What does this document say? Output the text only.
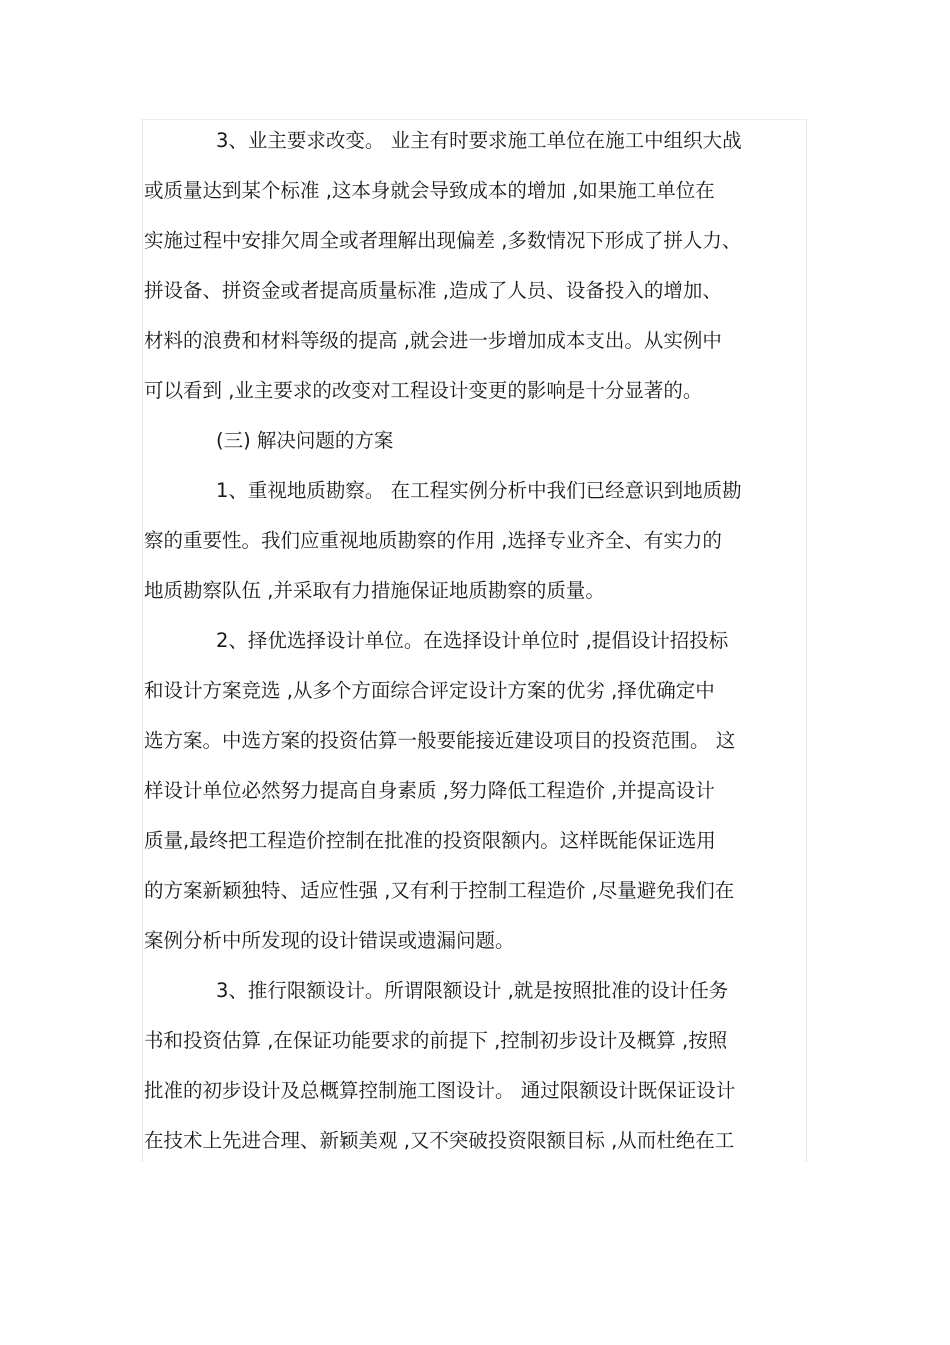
3、业主要求改变。 业主有时要求施工单位在施工中组织大战
或质量达到某个标准 ,这本身就会导致成本的增加 ,如果施工单位在
实施过程中安排欠周全或者理解出现偏差 ,多数情况下形成了拼人力、
拼设备、拼资金或者提高质量标准 ,造成了人员、设备投入的增加、
材料的浪费和材料等级的提高 ,就会进一步增加成本支出。从实例中
可以看到 ,业主要求的改变对工程设计变更的影响是十分显著的。
(三) 解决问题的方案
1、重视地质勘察。 在工程实例分析中我们已经意识到地质勘
察的重要性。我们应重视地质勘察的作用 ,选择专业齐全、有实力的
地质勘察队伍 ,并采取有力措施保证地质勘察的质量。
2、择优选择设计单位。在选择设计单位时 ,提倡设计招投标
和设计方案竞选 ,从多个方面综合评定设计方案的优劣 ,择优确定中
选方案。中选方案的投资估算一般要能接近建设项目的投资范围。 这
样设计单位必然努力提高自身素质 ,努力降低工程造价 ,并提高设计
质量,最终把工程造价控制在批准的投资限额内。这样既能保证选用
的方案新颖独特、适应性强 ,又有利于控制工程造价 ,尽量避免我们在
案例分析中所发现的设计错误或遗漏问题。
3、推行限额设计。所谓限额设计 ,就是按照批准的设计任务
书和投资估算 ,在保证功能要求的前提下 ,控制初步设计及概算 ,按照
批准的初步设计及总概算控制施工图设计。 通过限额设计既保证设计
在技术上先进合理、新颖美观 ,又不突破投资限额目标 ,从而杜绝在工
